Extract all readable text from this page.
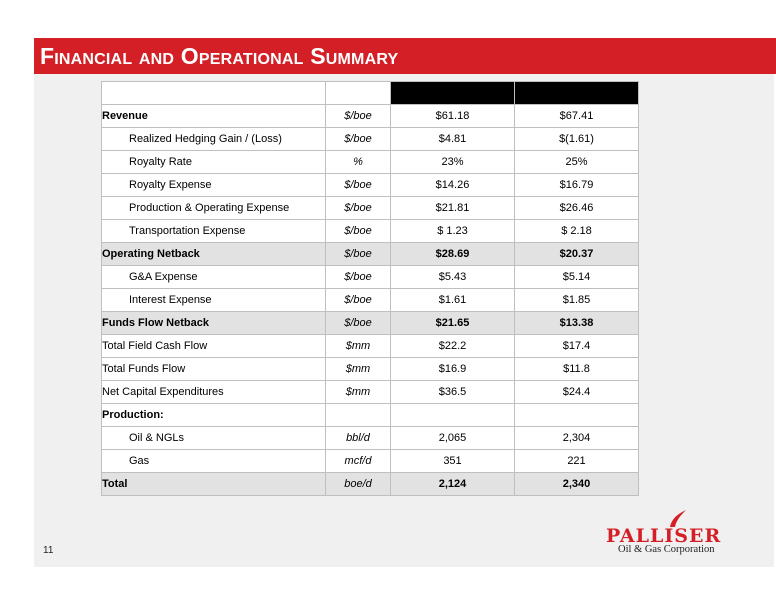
Financial and Operational Summary
		2012 Actual	2013 Actual
Revenue	$/boe	$61.18	$67.41
Realized Hedging Gain / (Loss)	$/boe	$4.81	$(1.61)
Royalty Rate	%	23%	25%
Royalty Expense	$/boe	$14.26	$16.79
Production & Operating Expense	$/boe	$21.81	$26.46
Transportation Expense	$/boe	$ 1.23	$ 2.18
Operating Netback	$/boe	$28.69	$20.37
G&A Expense	$/boe	$5.43	$5.14
Interest Expense	$/boe	$1.61	$1.85
Funds Flow Netback	$/boe	$21.65	$13.38
Total Field Cash Flow	$mm	$22.2	$17.4
Total Funds Flow	$mm	$16.9	$11.8
Net Capital Expenditures	$mm	$36.5	$24.4
Production:			
Oil & NGLs	bbl/d	2,065	2,304
Gas	mcf/d	351	221
Total	boe/d	2,124	2,340
11
PALLISER
Oil & Gas Corporation
